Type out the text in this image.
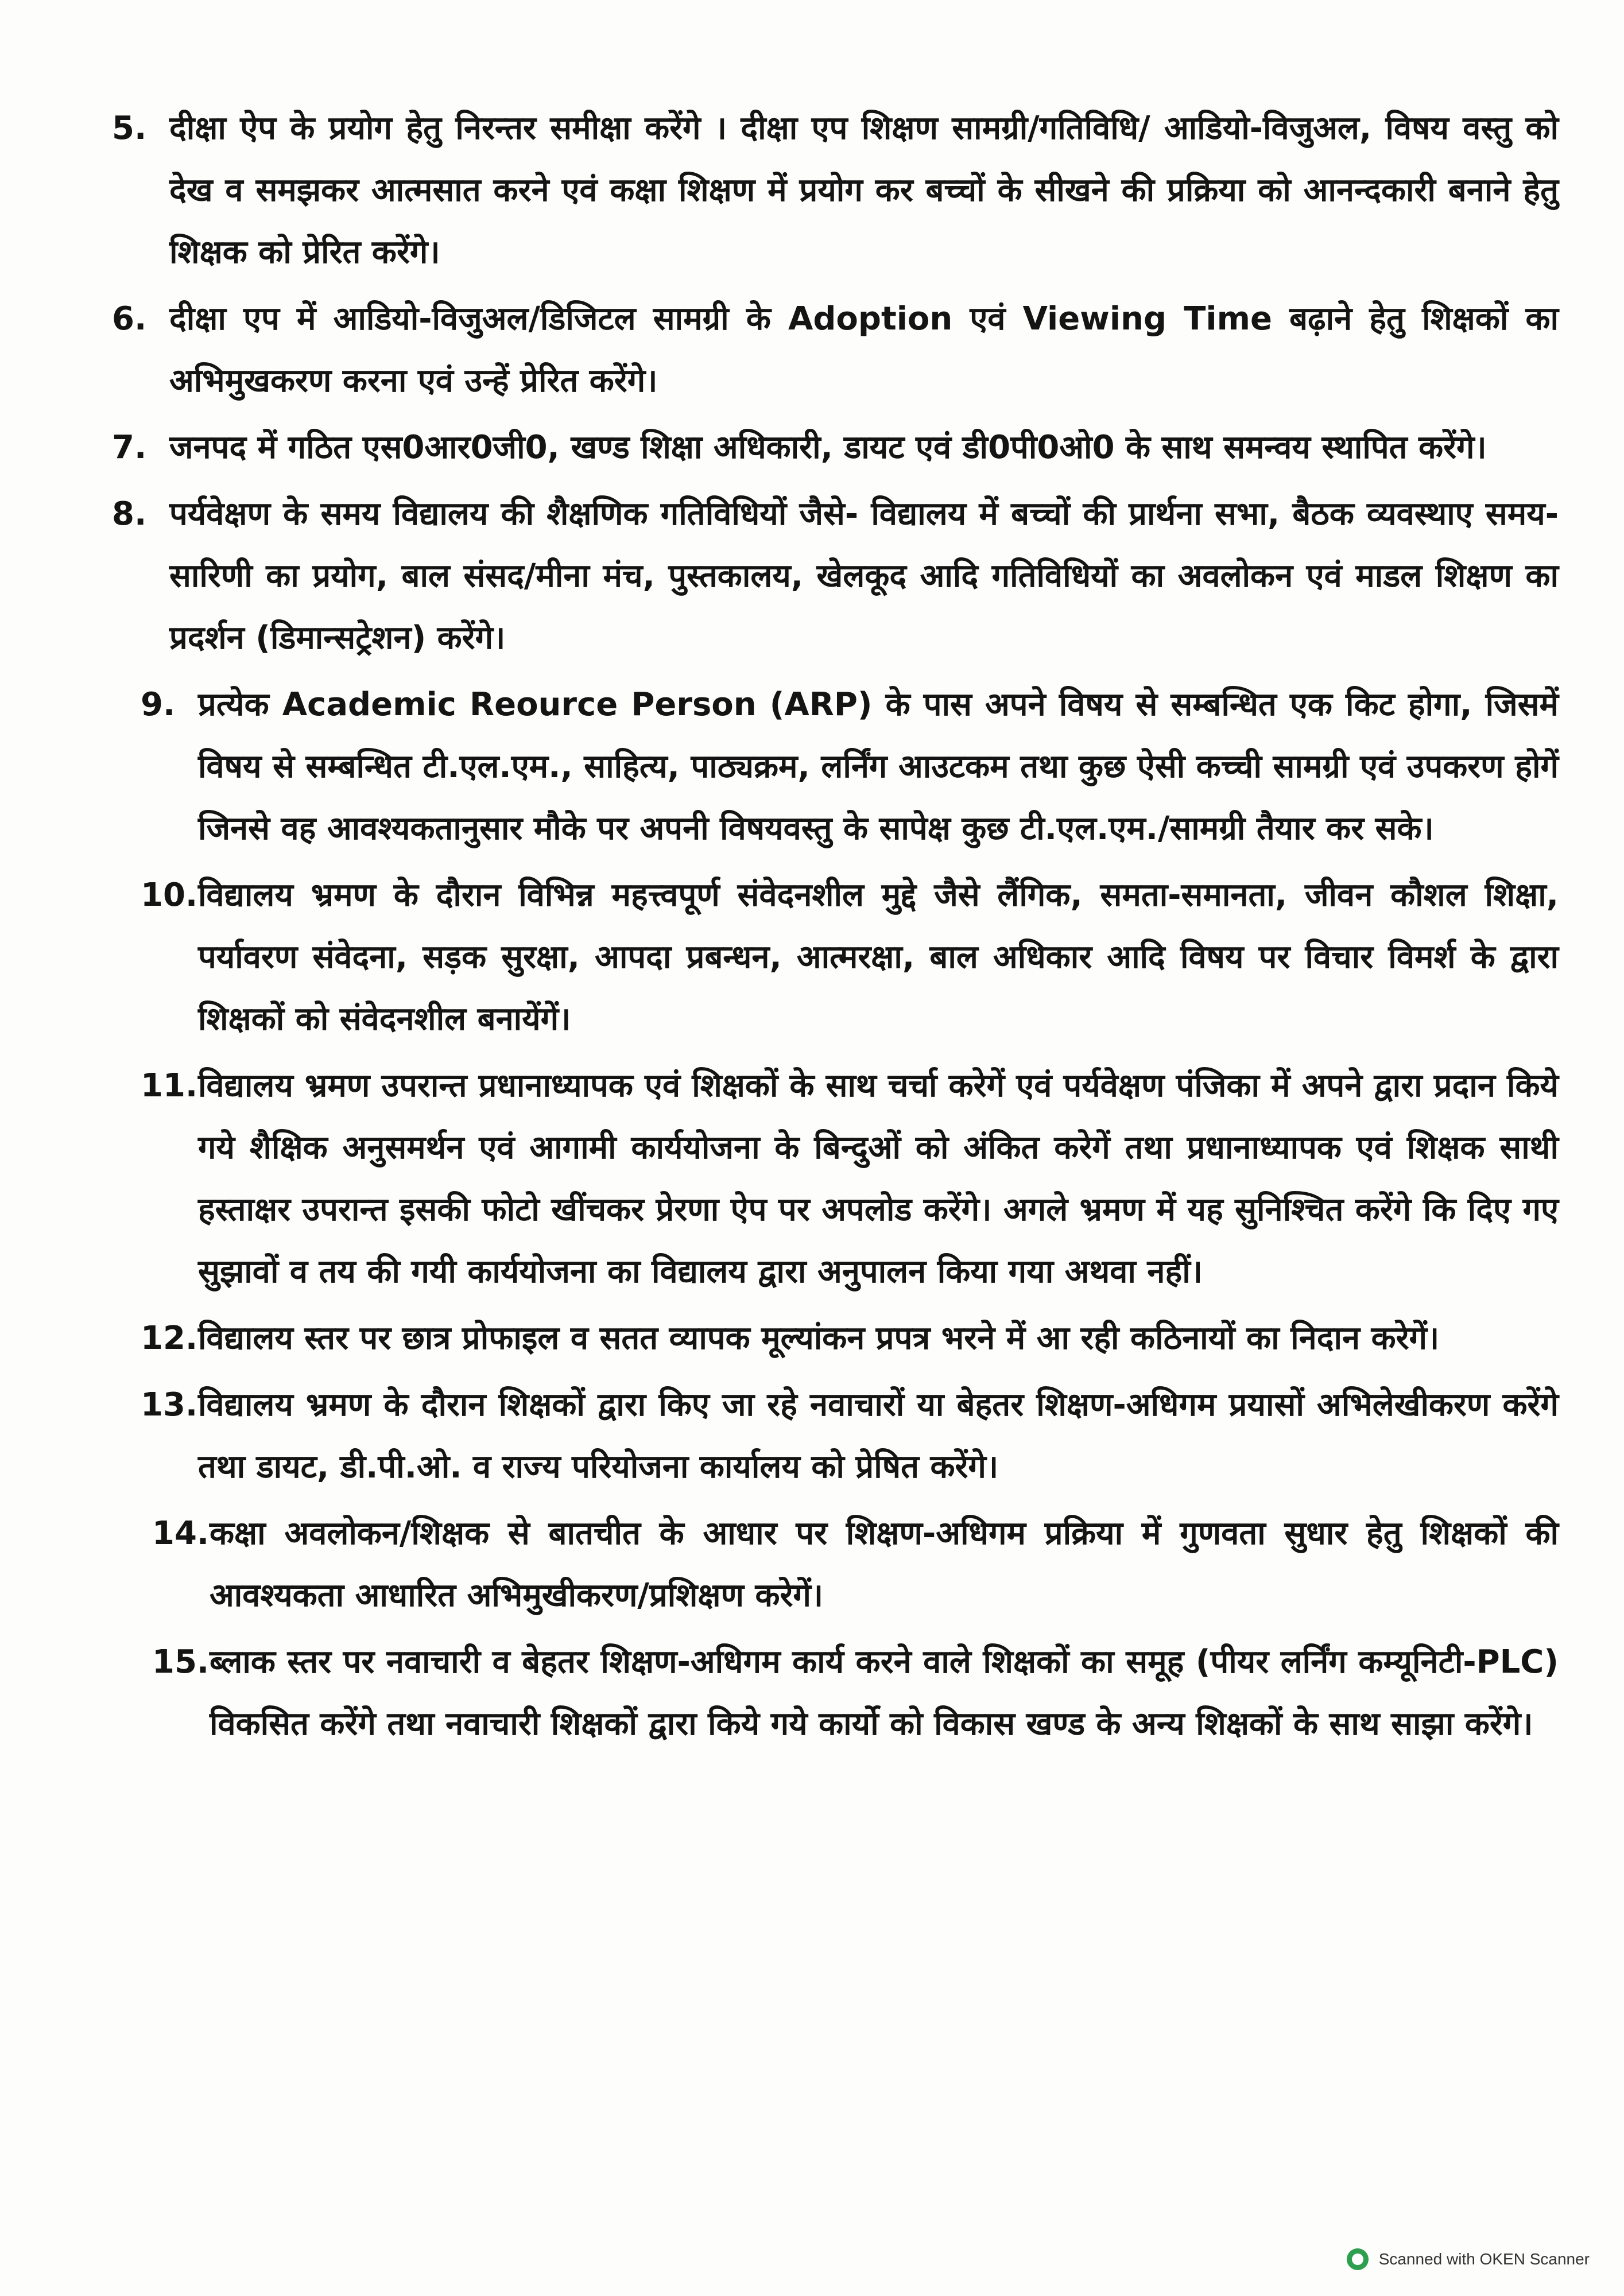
5. दीक्षा ऐप के प्रयोग हेतु निरन्तर समीक्षा करेंगे । दीक्षा एप शिक्षण सामग्री/गतिविधि/ आडियो-विजुअल, विषय वस्तु को देख व समझकर आत्मसात करने एवं कक्षा शिक्षण में प्रयोग कर बच्चों के सीखने की प्रक्रिया को आनन्दकारी बनाने हेतु शिक्षक को प्रेरित करेंगे।
6. दीक्षा एप में आडियो-विजुअल/डिजिटल सामग्री के Adoption एवं Viewing Time बढ़ाने हेतु शिक्षकों का अभिमुखकरण करना एवं उन्हें प्रेरित करेंगे।
7. जनपद में गठित एस0आर0जी0, खण्ड शिक्षा अधिकारी, डायट एवं डी0पी0ओ0 के साथ समन्वय स्थापित करेंगे।
8. पर्यवेक्षण के समय विद्यालय की शैक्षणिक गतिविधियों जैसे- विद्यालय में बच्चों की प्रार्थना सभा, बैठक व्यवस्थाए समय-सारिणी का प्रयोग, बाल संसद/मीना मंच, पुस्तकालय, खेलकूद आदि गतिविधियों का अवलोकन एवं माडल शिक्षण का प्रदर्शन (डिमान्सट्रेशन) करेंगे।
9. प्रत्येक Academic Reource Person (ARP) के पास अपने विषय से सम्बन्धित एक किट होगा, जिसमें विषय से सम्बन्धित टी.एल.एम., साहित्य, पाठ्यक्रम, लर्निंग आउटकम तथा कुछ ऐसी कच्ची सामग्री एवं उपकरण होगें जिनसे वह आवश्यकतानुसार मौके पर अपनी विषयवस्तु के सापेक्ष कुछ टी.एल.एम./सामग्री तैयार कर सके।
10. विद्यालय भ्रमण के दौरान विभिन्न महत्त्वपूर्ण संवेदनशील मुद्दे जैसे लैंगिक, समता-समानता, जीवन कौशल शिक्षा, पर्यावरण संवेदना, सड़क सुरक्षा, आपदा प्रबन्धन, आत्मरक्षा, बाल अधिकार आदि विषय पर विचार विमर्श के द्वारा शिक्षकों को संवेदनशील बनायेंगें।
11. विद्यालय भ्रमण उपरान्त प्रधानाध्यापक एवं शिक्षकों के साथ चर्चा करेगें एवं पर्यवेक्षण पंजिका में अपने द्वारा प्रदान किये गये शैक्षिक अनुसमर्थन एवं आगामी कार्ययोजना के बिन्दुओं को अंकित करेगें तथा प्रधानाध्यापक एवं शिक्षक साथी हस्ताक्षर उपरान्त इसकी फोटो खींचकर प्रेरणा ऐप पर अपलोड करेंगे। अगले भ्रमण में यह सुनिश्चित करेंगे कि दिए गए सुझावों व तय की गयी कार्ययोजना का विद्यालय द्वारा अनुपालन किया गया अथवा नहीं।
12. विद्यालय स्तर पर छात्र प्रोफाइल व सतत व्यापक मूल्यांकन प्रपत्र भरने में आ रही कठिनायों का निदान करेगें।
13. विद्यालय भ्रमण के दौरान शिक्षकों द्वारा किए जा रहे नवाचारों या बेहतर शिक्षण-अधिगम प्रयासों अभिलेखीकरण करेंगे तथा डायट, डी.पी.ओ. व राज्य परियोजना कार्यालय को प्रेषित करेंगे।
14. कक्षा अवलोकन/शिक्षक से बातचीत के आधार पर शिक्षण-अधिगम प्रक्रिया में गुणवता सुधार हेतु शिक्षकों की आवश्यकता आधारित अभिमुखीकरण/प्रशिक्षण करेगें।
15. ब्लाक स्तर पर नवाचारी व बेहतर शिक्षण-अधिगम कार्य करने वाले शिक्षकों का समूह (पीयर लर्निंग कम्यूनिटी-PLC) विकसित करेंगे तथा नवाचारी शिक्षकों द्वारा किये गये कार्यो को विकास खण्ड के अन्य शिक्षकों के साथ साझा करेंगे।
Scanned with OKEN Scanner
